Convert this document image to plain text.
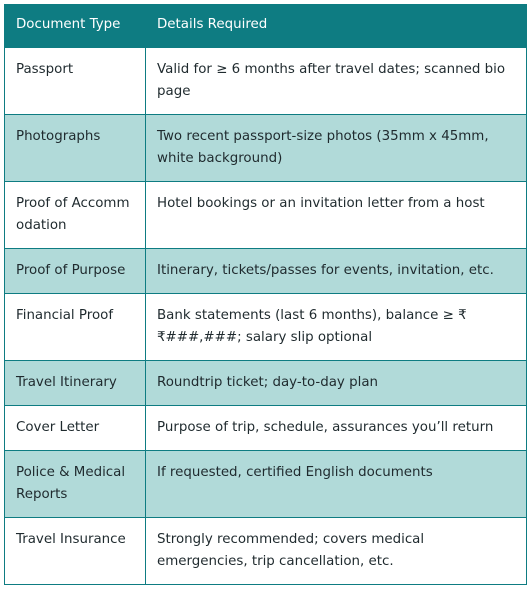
Document Type	Details Required
Passport	Valid for ≥ 6 months after travel dates; scanned bio page
Photographs	Two recent passport-size photos (35mm x 45mm, white background)
Proof of Accommodation	Hotel bookings or an invitation letter from a host
Proof of Purpose	Itinerary, tickets/passes for events, invitation, etc.
Financial Proof	Bank statements (last 6 months), balance ≥ ₹ ₹###,###; salary slip optional
Travel Itinerary	Roundtrip ticket; day-to-day plan
Cover Letter	Purpose of trip, schedule, assurances you’ll return
Police & Medical Reports	If requested, certified English documents
Travel Insurance	Strongly recommended; covers medical emergencies, trip cancellation, etc.
